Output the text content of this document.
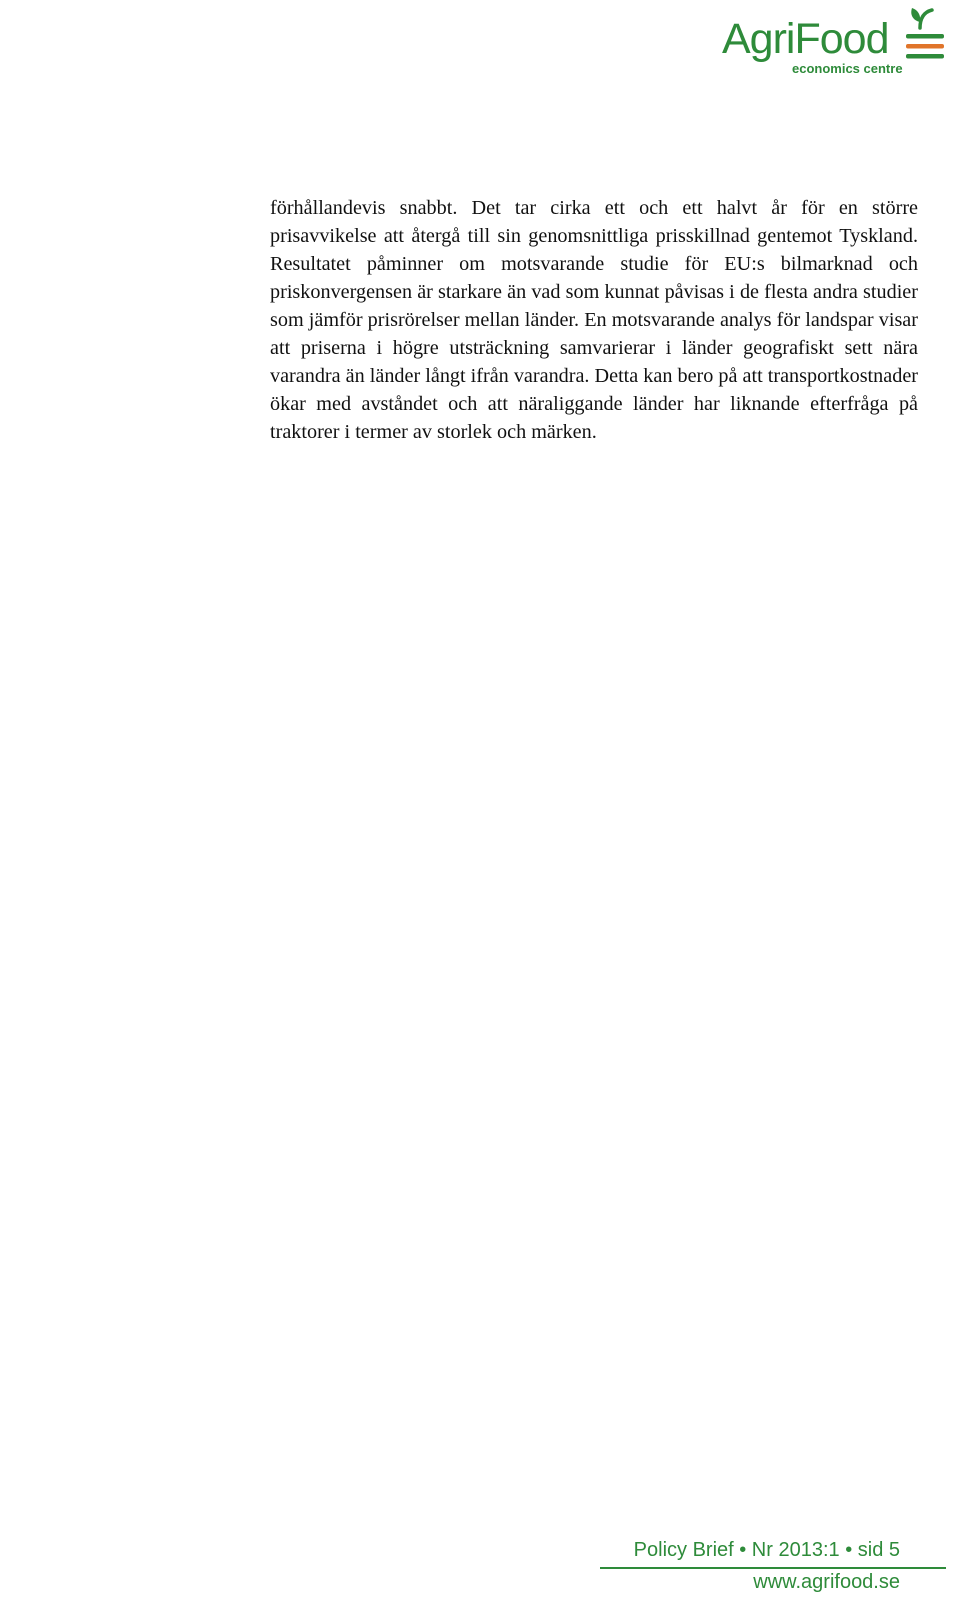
AgriFood
economics centre

förhållandevis snabbt. Det tar cirka ett och ett halvt år för en större prisavvikelse att återgå till sin genomsnittliga prisskillnad gentemot Tyskland. Resultatet påminner om motsvarande studie för EU:s bilmarknad och priskonvergensen är starkare än vad som kunnat påvisas i de flesta andra studier som jämför prisrörelser mellan länder. En motsvarande analys för landspar visar att priserna i högre utsträckning samvarierar i länder geografiskt sett nära varandra än länder långt ifrån varandra. Detta kan bero på att transportkostnader ökar med avståndet och att näraliggande länder har liknande efterfråga på traktorer i termer av storlek och märken.

Policy Brief • Nr 2013:1 • sid 5
www.agrifood.se
